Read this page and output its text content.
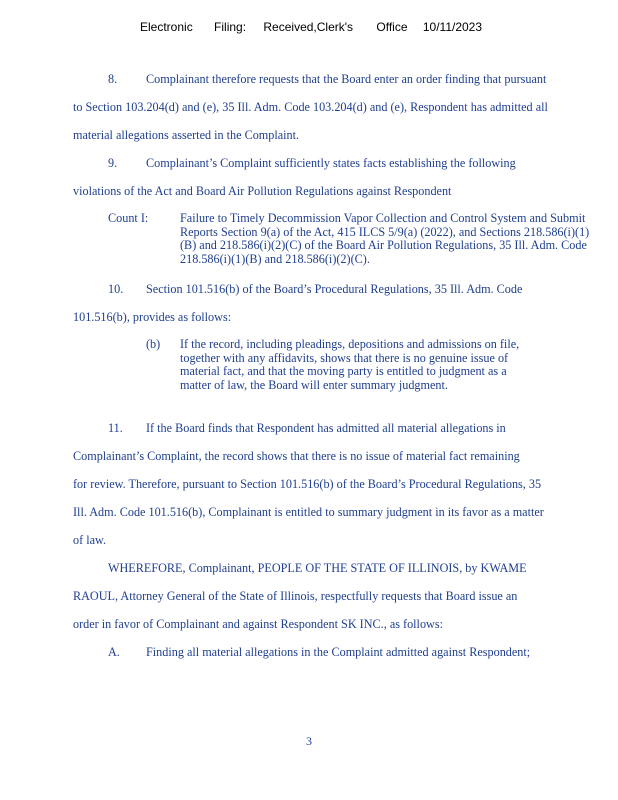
Electronic Filing: Received,Clerk's Office 10/11/2023
8. Complainant therefore requests that the Board enter an order finding that pursuant
to Section 103.204(d) and (e), 35 Ill. Adm. Code 103.204(d) and (e), Respondent has admitted all
material allegations asserted in the Complaint.
9. Complainant’s Complaint sufficiently states facts establishing the following
violations of the Act and Board Air Pollution Regulations against Respondent
Count I:	Failure to Timely Decommission Vapor Collection and Control System and Submit Reports Section 9(a) of the Act, 415 ILCS 5/9(a) (2022), and Sections 218.586(i)(1)(B) and 218.586(i)(2)(C) of the Board Air Pollution Regulations, 35 Ill. Adm. Code 218.586(i)(1)(B) and 218.586(i)(2)(C).
10. Section 101.516(b) of the Board’s Procedural Regulations, 35 Ill. Adm. Code
101.516(b), provides as follows:
(b) If the record, including pleadings, depositions and admissions on file, together with any affidavits, shows that there is no genuine issue of material fact, and that the moving party is entitled to judgment as a matter of law, the Board will enter summary judgment.
11. If the Board finds that Respondent has admitted all material allegations in
Complainant’s Complaint, the record shows that there is no issue of material fact remaining
for review. Therefore, pursuant to Section 101.516(b) of the Board’s Procedural Regulations, 35
Ill. Adm. Code 101.516(b), Complainant is entitled to summary judgment in its favor as a matter
of law.
WHEREFORE, Complainant, PEOPLE OF THE STATE OF ILLINOIS, by KWAME
RAOUL, Attorney General of the State of Illinois, respectfully requests that Board issue an
order in favor of Complainant and against Respondent SK INC., as follows:
A. Finding all material allegations in the Complaint admitted against Respondent;
3
